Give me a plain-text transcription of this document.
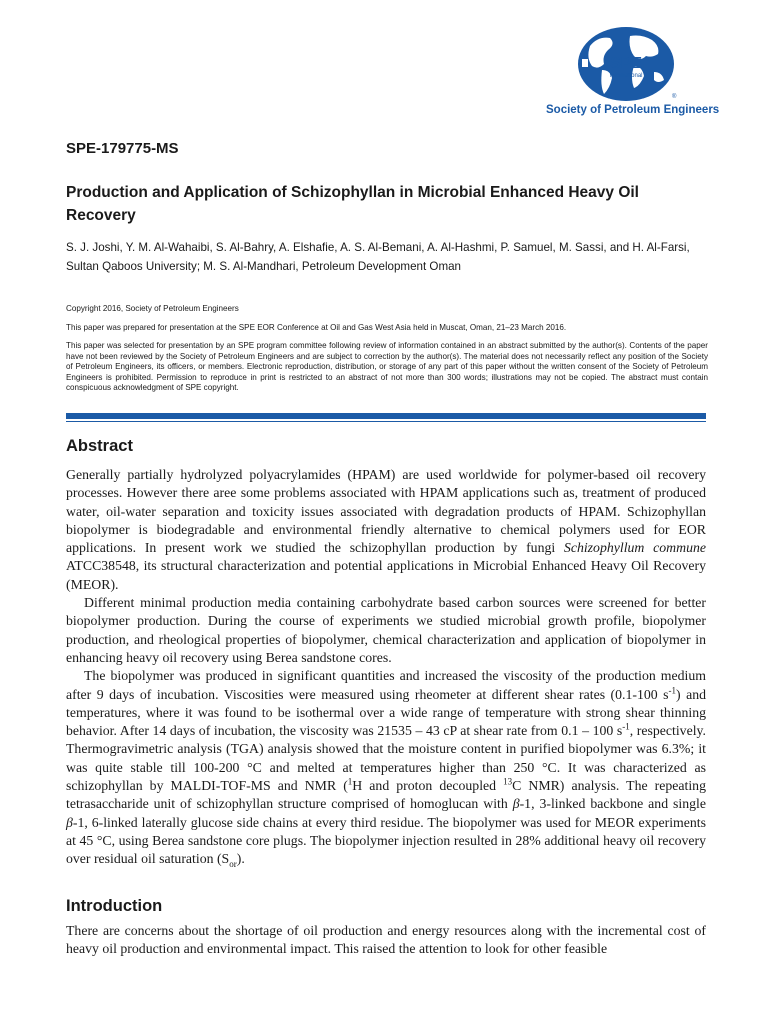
SPE
International
®
Society of Petroleum Engineers
SPE-179775-MS
Production and Application of Schizophyllan in Microbial Enhanced Heavy Oil Recovery
S. J. Joshi, Y. M. Al-Wahaibi, S. Al-Bahry, A. Elshafie, A. S. Al-Bemani, A. Al-Hashmi, P. Samuel, M. Sassi, and H. Al-Farsi, Sultan Qaboos University; M. S. Al-Mandhari, Petroleum Development Oman

Copyright 2016, Society of Petroleum Engineers

This paper was prepared for presentation at the SPE EOR Conference at Oil and Gas West Asia held in Muscat, Oman, 21–23 March 2016.

This paper was selected for presentation by an SPE program committee following review of information contained in an abstract submitted by the author(s). Contents of the paper have not been reviewed by the Society of Petroleum Engineers and are subject to correction by the author(s). The material does not necessarily reflect any position of the Society of Petroleum Engineers, its officers, or members. Electronic reproduction, distribution, or storage of any part of this paper without the written consent of the Society of Petroleum Engineers is prohibited. Permission to reproduce in print is restricted to an abstract of not more than 300 words; illustrations may not be copied. The abstract must contain conspicuous acknowledgment of SPE copyright.

Abstract

Generally partially hydrolyzed polyacrylamides (HPAM) are used worldwide for polymer-based oil recovery processes. However there aree some problems associated with HPAM applications such as, treatment of produced water, oil-water separation and toxicity issues associated with degradation products of HPAM. Schizophyllan biopolymer is biodegradable and environmental friendly alternative to chemical polymers used for EOR applications. In present work we studied the schizophyllan production by fungi Schizophyllum commune ATCC38548, its structural characterization and potential applications in Microbial Enhanced Heavy Oil Recovery (MEOR).

Different minimal production media containing carbohydrate based carbon sources were screened for better biopolymer production. During the course of experiments we studied microbial growth profile, biopolymer production, and rheological properties of biopolymer, chemical characterization and application of biopolymer in enhancing heavy oil recovery using Berea sandstone cores.

The biopolymer was produced in significant quantities and increased the viscosity of the production medium after 9 days of incubation. Viscosities were measured using rheometer at different shear rates (0.1-100 $s^{-1}$) and temperatures, where it was found to be isothermal over a wide range of temperature with strong shear thinning behavior. After 14 days of incubation, the viscosity was 21535 – 43 cP at shear rate from 0.1 – 100 $s^{-1}$, respectively. Thermogravimetric analysis (TGA) analysis showed that the moisture content in purified biopolymer was 6.3%; it was quite stable till 100-200 °C and melted at temperatures higher than 250 °C. It was characterized as schizophyllan by MALDI-TOF-MS and NMR ($^1$H and proton decoupled $^{13}$C NMR) analysis. The repeating tetrasaccharide unit of schizophyllan structure comprised of homoglucan with β-1, 3-linked backbone and single β-1, 6-linked laterally glucose side chains at every third residue. The biopolymer was used for MEOR experiments at 45 °C, using Berea sandstone core plugs. The biopolymer injection resulted in 28% additional heavy oil recovery over residual oil saturation $(S_{or})$.

Introduction

There are concerns about the shortage of oil production and energy resources along with the incremental cost of heavy oil production and environmental impact. This raised the attention to look for other feasible
